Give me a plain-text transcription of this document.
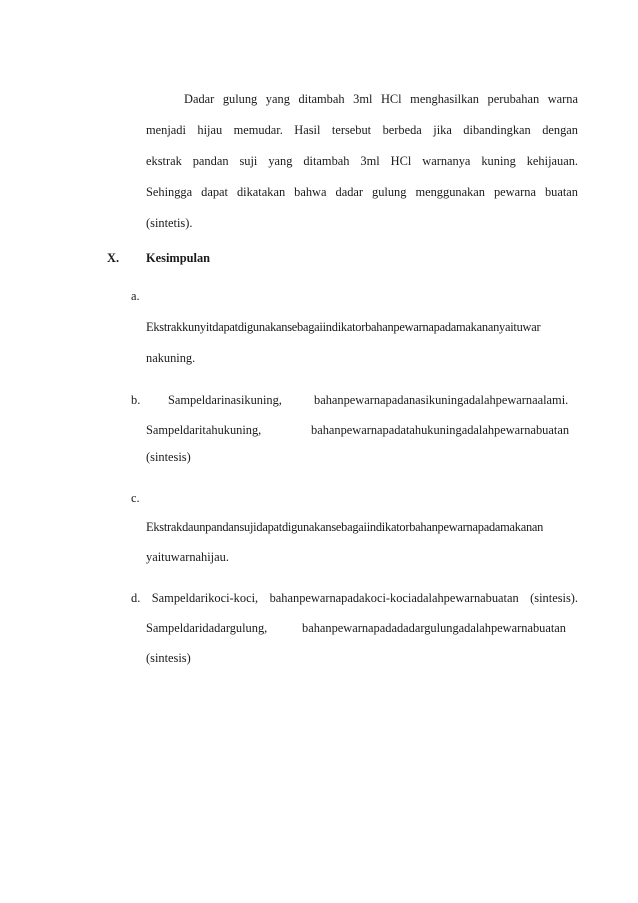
Dadar gulung yang ditambah 3ml HCl menghasilkan perubahan warna
menjadi hijau memudar. Hasil tersebut berbeda jika dibandingkan dengan
ekstrak pandan suji yang ditambah 3ml HCl warnanya kuning kehijauan.
Sehingga dapat dikatakan bahwa dadar gulung menggunakan pewarna buatan
(sintetis).
X. Kesimpulan
a.
Ekstrakkunyitdapatdigunakansebagaiindikatorbahanpewarnapadamakananyaituwar
nakuning.
b. Sampeldarinasikuning,	bahanpewarnapadanasikuningadalahpewarnaalami.
Sampeldaritahukuning,	bahanpewarnapadatahukuningadalahpewarnabuatan
(sintesis)
c.
Ekstrakdaunpandansujidapatdigunakansebagaiindikatorbahanpewarnapadamakanan
yaituwarnahijau.
d. Sampeldarikoci-koci, bahanpewarnapadakoci-kociadalahpewarnabuatan (sintesis).
Sampeldaridadargulung,	bahanpewarnapadadadargulungadalahpewarnabuatan
(sintesis)
